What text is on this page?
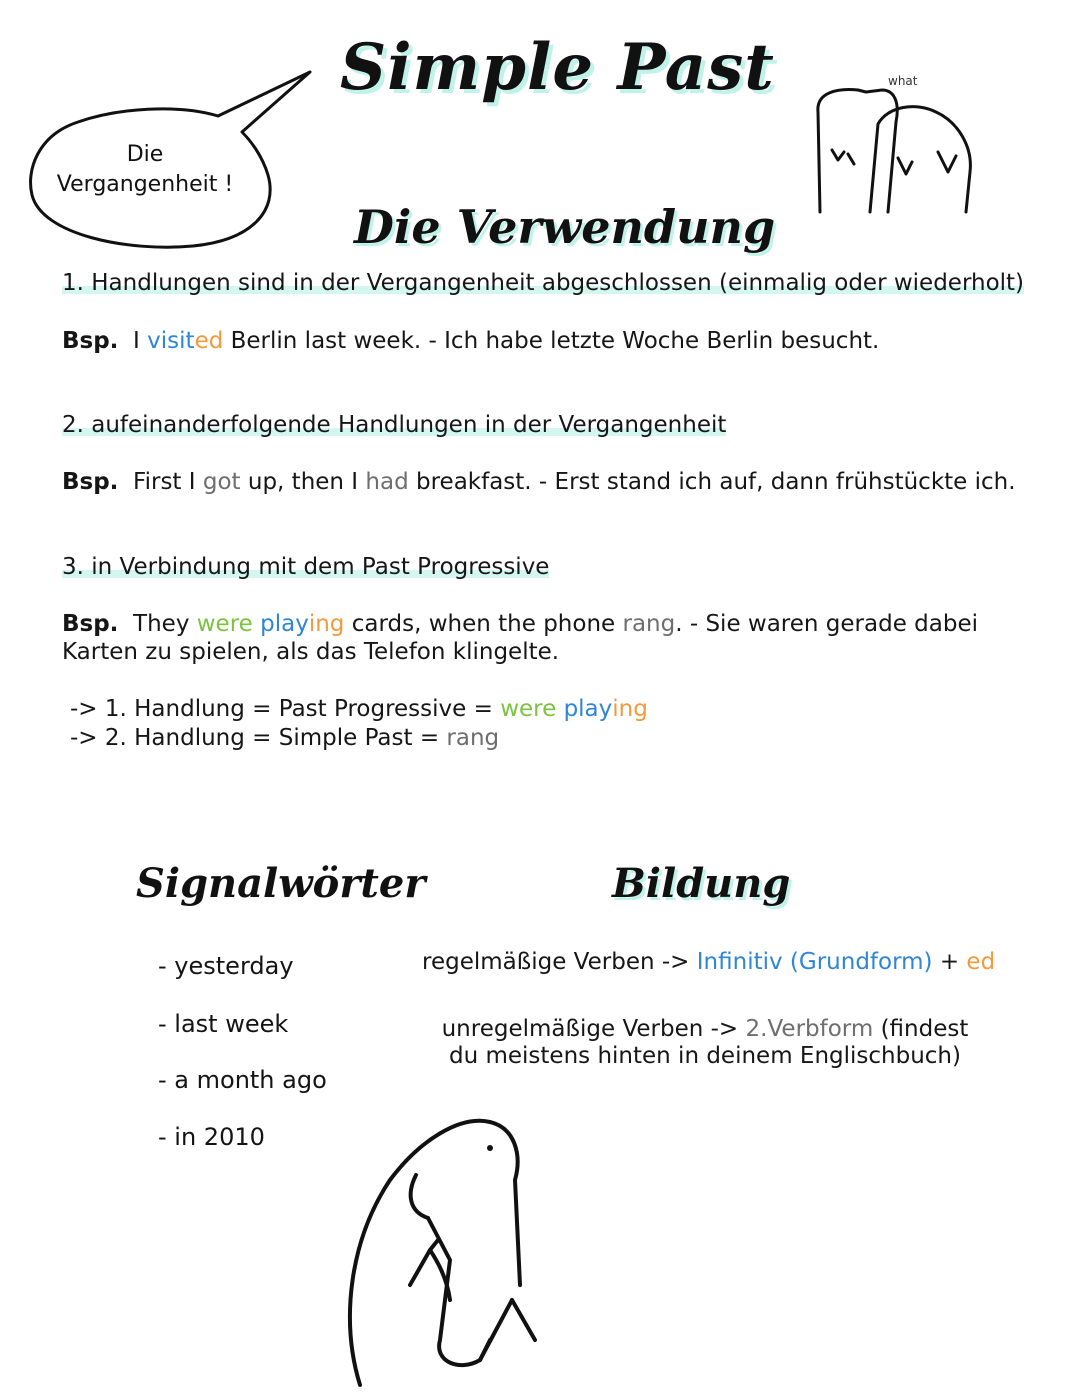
Die
Vergangenheit !
Simple Past	what
Die Verwendung
1. Handlungen sind in der Vergangenheit abgeschlossen (einmalig oder wiederholt)
Bsp. I visited Berlin last week. - Ich habe letzte Woche Berlin besucht.
2. aufeinanderfolgende Handlungen in der Vergangenheit
Bsp. First I got up, then I had breakfast. - Erst stand ich auf, dann frühstückte ich.
3. in Verbindung mit dem Past Progressive
Bsp. They were playing cards, when the phone rang. - Sie waren gerade dabei
Karten zu spielen, als das Telefon klingelte.
-> 1. Handlung = Past Progressive = were playing
-> 2. Handlung = Simple Past = rang
Signalwörter
- yesterday
- last week
- a month ago
- in 2010
Bildung
regelmäßige Verben -> Infinitiv (Grundform) + ed
unregelmäßige Verben -> 2.Verbform (findest
du meistens hinten in deinem Englischbuch)
